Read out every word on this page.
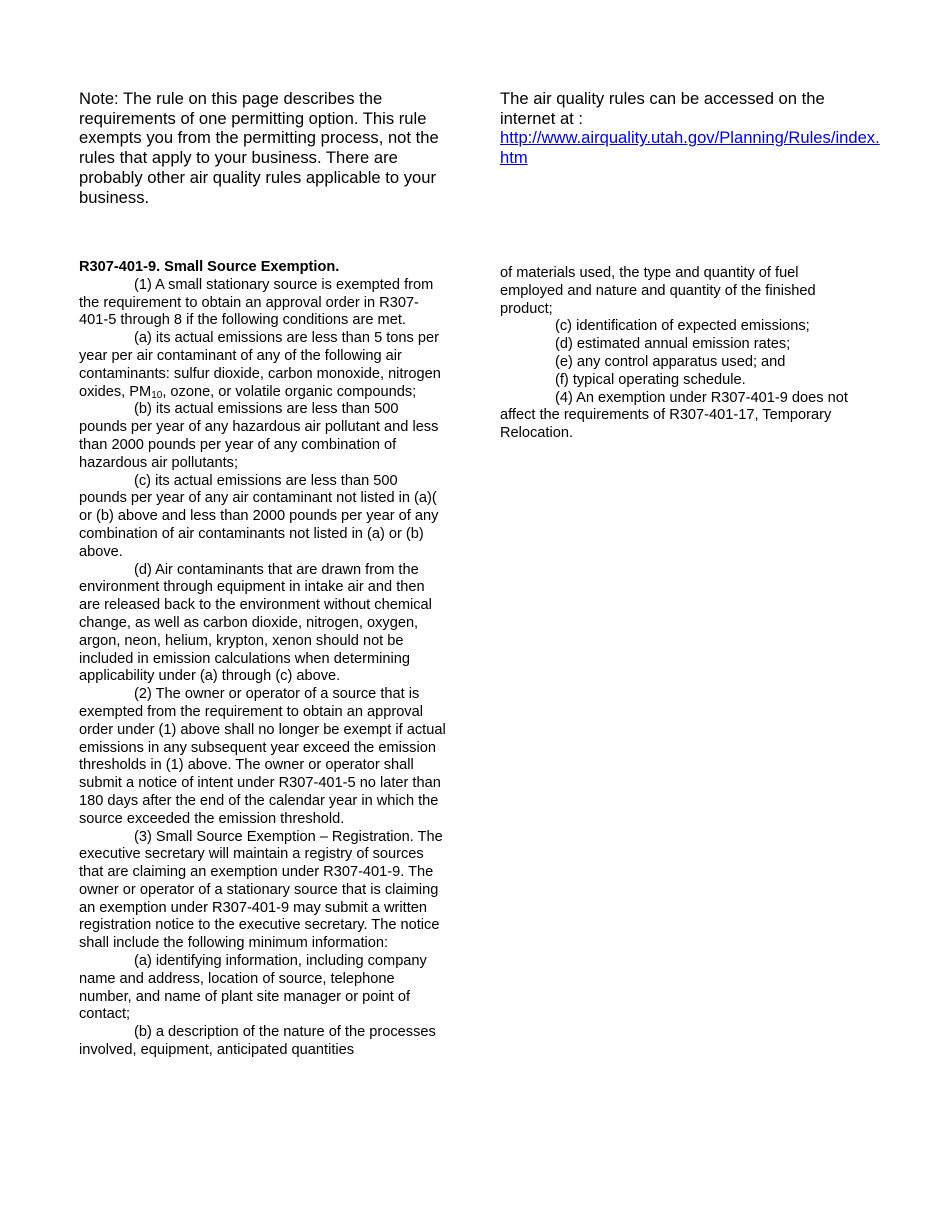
Note: The rule on this page describes the requirements of one permitting option. This rule exempts you from the permitting process, not the rules that apply to your business. There are probably other air quality rules applicable to your business.
The air quality rules can be accessed on the internet at :
http://www.airquality.utah.gov/Planning/Rules/index.htm
R307-401-9. Small Source Exemption.
(1) A small stationary source is exempted from the requirement to obtain an approval order in R307-401-5 through 8 if the following conditions are met.
(a) its actual emissions are less than 5 tons per year per air contaminant of any of the following air contaminants: sulfur dioxide, carbon monoxide, nitrogen oxides, $PM_{10}$, ozone, or volatile organic compounds;
(b) its actual emissions are less than 500 pounds per year of any hazardous air pollutant and less than 2000 pounds per year of any combination of hazardous air pollutants;
(c) its actual emissions are less than 500 pounds per year of any air contaminant not listed in (a)( or (b) above and less than 2000 pounds per year of any combination of air contaminants not listed in (a) or (b) above.
(d) Air contaminants that are drawn from the environment through equipment in intake air and then are released back to the environment without chemical change, as well as carbon dioxide, nitrogen, oxygen, argon, neon, helium, krypton, xenon should not be included in emission calculations when determining applicability under (a) through (c) above.
(2) The owner or operator of a source that is exempted from the requirement to obtain an approval order under (1) above shall no longer be exempt if actual emissions in any subsequent year exceed the emission thresholds in (1) above. The owner or operator shall submit a notice of intent under R307-401-5 no later than 180 days after the end of the calendar year in which the source exceeded the emission threshold.
(3) Small Source Exemption – Registration. The executive secretary will maintain a registry of sources that are claiming an exemption under R307-401-9. The owner or operator of a stationary source that is claiming an exemption under R307-401-9 may submit a written registration notice to the executive secretary. The notice shall include the following minimum information:
(a) identifying information, including company name and address, location of source, telephone number, and name of plant site manager or point of contact;
(b) a description of the nature of the processes involved, equipment, anticipated quantities
of materials used, the type and quantity of fuel employed and nature and quantity of the finished product;
(c) identification of expected emissions;
(d) estimated annual emission rates;
(e) any control apparatus used; and
(f) typical operating schedule.
(4) An exemption under R307-401-9 does not affect the requirements of R307-401-17, Temporary Relocation.
